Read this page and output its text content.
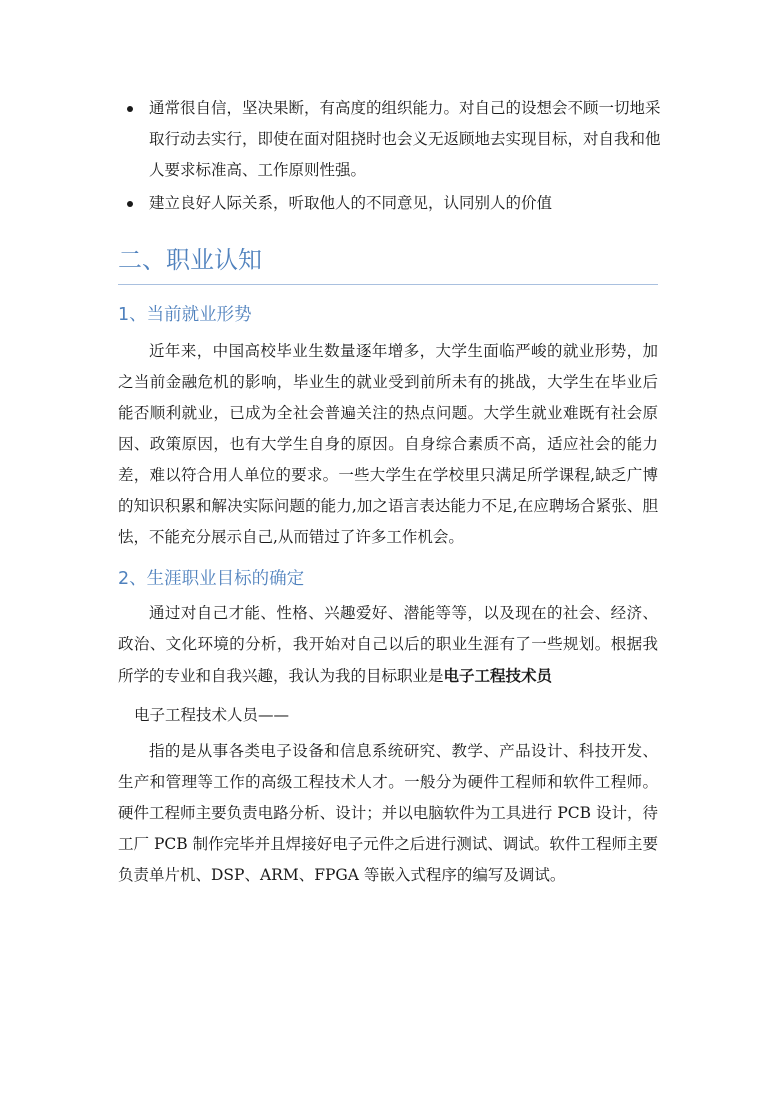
通常很自信，坚决果断，有高度的组织能力。对自己的设想会不顾一切地采取行动去实行，即使在面对阻挠时也会义无返顾地去实现目标，对自我和他人要求标准高、工作原则性强。
建立良好人际关系，听取他人的不同意见，认同别人的价值
二、职业认知
1、当前就业形势

近年来，中国高校毕业生数量逐年增多，大学生面临严峻的就业形势，加之当前金融危机的影响，毕业生的就业受到前所未有的挑战，大学生在毕业后能否顺利就业，已成为全社会普遍关注的热点问题。大学生就业难既有社会原因、政策原因，也有大学生自身的原因。自身综合素质不高，适应社会的能力差，难以符合用人单位的要求。一些大学生在学校里只满足所学课程,缺乏广博的知识积累和解决实际问题的能力,加之语言表达能力不足,在应聘场合紧张、胆怯，不能充分展示自己,从而错过了许多工作机会。

2、生涯职业目标的确定

通过对自己才能、性格、兴趣爱好、潜能等等，以及现在的社会、经济、政治、文化环境的分析，我开始对自己以后的职业生涯有了一些规划。根据我所学的专业和自我兴趣，我认为我的目标职业是电子工程技术员

电子工程技术人员——

指的是从事各类电子设备和信息系统研究、教学、产品设计、科技开发、生产和管理等工作的高级工程技术人才。一般分为硬件工程师和软件工程师。硬件工程师主要负责电路分析、设计；并以电脑软件为工具进行 PCB 设计，待工厂 PCB 制作完毕并且焊接好电子元件之后进行测试、调试。软件工程师主要负责单片机、DSP、ARM、FPGA 等嵌入式程序的编写及调试。
